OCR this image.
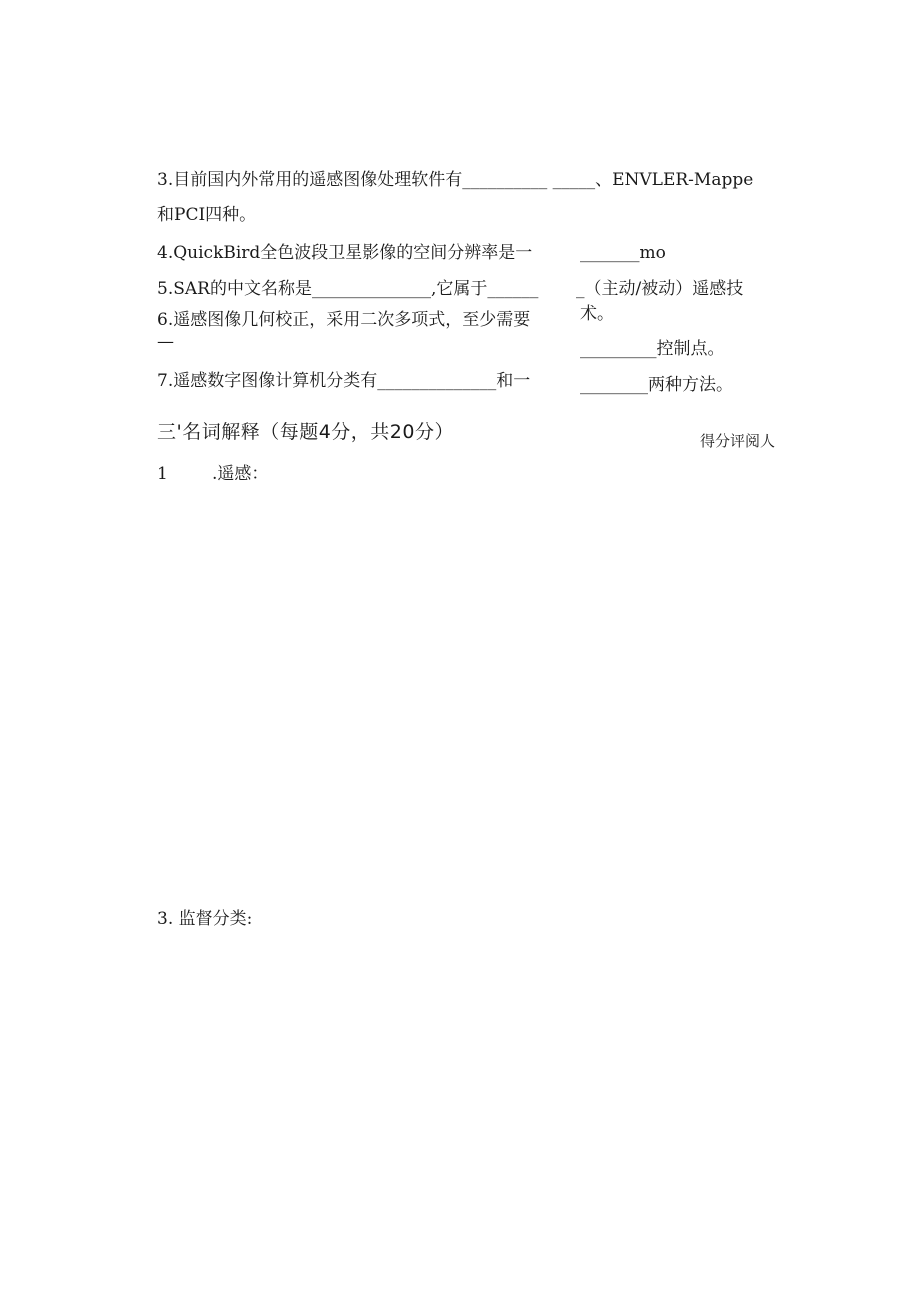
3.目前国内外常用的遥感图像处理软件有__________ _____、ENVLER-Mappe
和PCI四种。
4.QuickBird全色波段卫星影像的空间分辨率是一	_______mo
5.SAR的中文名称是______________,它属于______ _（主动/被动）遥感技
6.遥感图像几何校正，采用二次多项式，至少需要	术。
—	_________控制点。
7.遥感数字图像计算机分类有______________和一	________两种方法。
三'名词解释（每题4分，共20分）	得分评阅人
1	.遥感：
3. 监督分类:
